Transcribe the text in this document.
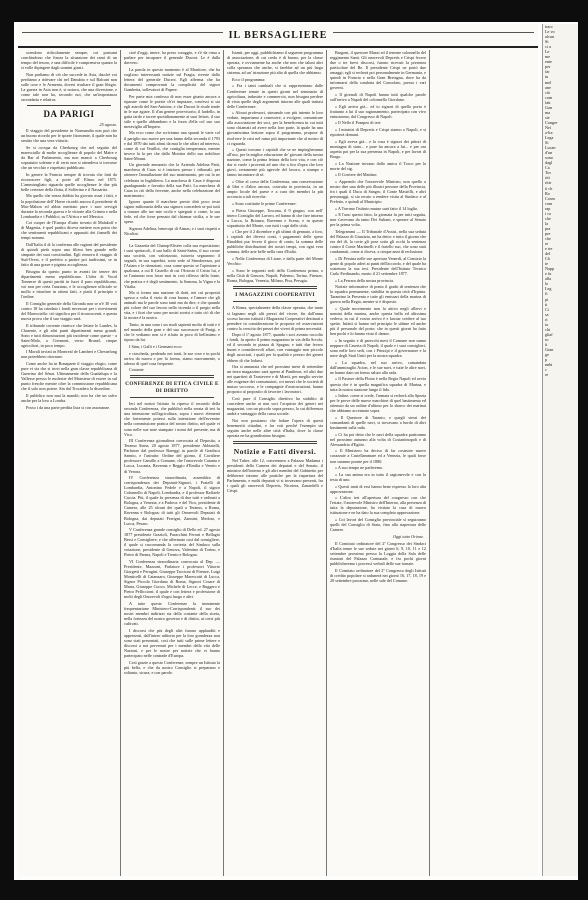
IL BERSAGLIERE

scendono ridicolamente sempre, coi postumi conchiudono che finora la situazione dei rami di un tempo del tesoro, e una difficile è comprensiva quanto la si volle dipingere dagli uomini giusti.

Non parliamo di ciò che succede in Asia, dacchè voi perdiamo a ridevare chi nel Danubio e sul Balcani non sulle cose e le Armenia, dovesi risultare il gran libigio. La guerra in Asia non è, si notava, che una diversione, e come tale non ha, secondo noi, che un'importanza secondaria e relativa.

DA PARIGI
25 agosto.

Il viaggio del presidente in Normandia non può che un buono ricordo per le sporte fisonomie, il quale non ha sentito che una vera vittoria.

Se si occupa da Cherbourg che nel seguito del maresciallo di molte accoglienze di popolo del Maire e da Bar al Parlamento, ma non mancò a Cherbourg sopratutto solenne e di certo non si attendeva si trovasse che un vecchio e rispettato pubblicato.

In genere la Francia sempre di trovata che fatti da riconoscere figli, a porte all' Eliseo nel 1875. L'ammiragliato riguarda quelle accoglienze le due più belle certezze della flotta, il Solferino e il Nassarita.

Ma quello che senza dubbio ha giovato assai i fatti, e la popolazione dell' Havre ricordò ancora il presidente di Mac-Mahon ed abbia meritato pure i suoi servigii durante la seconda guerra e le vittorie alla Crimea e nella Lombardia e i Pubblici, su l'Africa e nel Messico.

Coi cuoper de l'Europa d'tutto trovato di Malakoff e di Magenta, è quel partito diceva mettere non potra che che sentimenti repubblicani e appassiti dei fiamelli dei tempi nonuno.

Dall'Italia il di la conferma alle ragioni del presidente di quindi pietà sopra una filiera ben grande nelle simpatie dei suoi concittadini. Egli rinnova il viaggio di Sud-Ovest, e il prefetto a partire poi tardissimi, se in fatto di una grave e pigrina accoglienza.

Bisogna da questo punto in avanti far tenere dei dipartimenti meno repubblicano. L'idea di Vocal Tonnerre di questi partiti in fuori il puro repubblicano, voi non per certa l'anziano, e le accoglienze ufficiale se mollo e trionfare in ottimi fatti, e piatti il principio e l'ordine.

Il Consiglio generale della Gironda non se n'è 30 voti contro 18 ha crindaio i fondi necessari per i ricevimenti del Maresciallo: ciò significa per il riconoscenti, e questa nuova prova che il suo viaggio sarà.

Il tribunale corrente riunisce che lettate le Landes, la Charente, e gli altri punti dipartimenti meno grandi. Sono e tutti dimostrazioni più incidente come queste - a Saint-Malo, a Ciermont, verso Brunel, cinque agricoltori, in poco tempo.

I Morali inviati in Montreal de Lambert e Chesnelong non potrebbero ritornare.

Come anche ha in Bonaparte il viaggio elogio, come pure vi sia che si trovi nella gran classe repubblicana di Guerrino del Sénat. Ultimamente della Guadalupa e la Vallesse presso le molestie del Monsieur di essere in sul punto fresche mentre oltre la commissione repubblicana che il solo non potere. Sin dal Trocadero la disordine.

Il pubblico non mai la mandò; non ha che un salvo anche per la loro a Londra.

Posso i da una parte perdita lista si con assonanze.

cioè d'oggi, intere, ha preso coraggio, e s'è da cima a parlare per incaparre il generale Ducrot. Le è dalla davvero.

La parola in questo momento è al Monitore, che ha voglioso interessanti notizie sul Fragia, riveste dallo lettera del generale Ducrot. Egli afferma che ha documenti comprovanti la complicità del signor Gambetta, sollevatori di Papere.

Per parte mia confesso di non esser giunto ancora a riparare come le poesie ch'ei imputare, com'essi si sia egli astrolò del San-Antoine, e che Ducrot le risale tende in le sue agiare. Il d'un genere provvisorio, il fardello, in gatta tardo e tacere quotidianamente ai suoi lettori, il suo stile e quello abbandono e la forza d'ella col suo suo meraviglia all'Impero.

Ma ecco come che scriviamo una sparati le varie col il pariglio suo nuove per una fanno della seconda il 1793 e dal 1870 dai tutti altrui da mai le che affari ad interessi, come di cui Veuillot, che contiglia temperanza, mentre invece la fa per che dallo Monitor dello suo nobilisse Saint-Mouni.

Un giornale annunzio che la Azienda Adelina Patti, marchesa di Caux si è iniziava presso i tribunali, per ottenere l'annullazione del suo matrimonio, per cui lo ne celebrata in Inghilterra. La marchesa di Caux è disposta guadagnando e favorito della sua Patti. La marchesa di Caux in ciò della fervente, anche nella celebrazione del matrimonio.

Ignoro quante il marchese presto dirà poco testo signor milionaria della sua signora concederà se poi tutti a tornare alle tue mie occhi e spiegarti o come, la sua fede, ed che forse pensato dal chiamar sicilia, o le sue spese.

Signora Adelina, benecopi di Atmas; e i suoi rispetti a Nicolini.

La Gazzetta del Champ-Elisées colla sua esposizione; i suoi spettacoli, il suo ballo di Saint-Saëns, il suo creare una società, con valorizzato, tuttovia segnarono il segnali, in sua superbia, sotto sede al Sinoderezza, poi l'Ariam e le ritenzioni, cosa come questo se l'opinione a qualcuna, a cui Il Castello di cui l'Ariosto il Cristo lui, e se l'autunno non fosse mai in così riflesso della fonte, che pratica e è degli sentimento, la Somma, la Vigna e la Vitalia.

Ma si forma una nazione di dotti, nei cui propositi spesso a volta il vizio di cosa buona, e l'amore che gli animali ma le parole sono tanti ma da dire, e che quando più colore del suo lavoro nella vicenda o il pregio nella vita, e i fiori che sono per nostri sorrisi e tutto ciò di che la nostra è la nostra.

Tanto, in una sono i un studi sapienti molto di tutti e è nel mondo della gran e del suo successore di Parigi, e che le vediamo non si è rifatto in poco di bellissimo e riposo da lui.

I Sinn, i Galli e i Germani ecco:

e ciascheda, perdendo nei tanti, le sue cose e in pochi arriva da nuova e per la forma, siamo nuovamente, o adesso di quel cosa frequente.

Costante

CONFERENZE DI ETICA CIVILE E DI DIRITTO

Ieri nel nostro Istituto fu ripreso il secondo della seconda Conferenza, che pubblicò nella serata di ieri fu una intenzione sull'agricoltura, sopra i nuovi elementi che fortemente potessi sulla intenzione dell'avvenire nella commissione pratica del nostro diritto, nel quale vi sono nelle sue note stampate i nomi del presente, ma di Vico.

III Conferenza giornaliera convocata al Deposito, a Teramo Siena, 20 agosto 1877, presidente Abbiatelli, Parlatore dal professor Bareggi in parole di Gradisca Sannio, e l'astratto: Ordine del giorno, il Cavaliere professore Camillo a Comune, che l'onorevole Catania e Lucca, Lucania, Ravenna e Reggio d'Emilia e Veneto e di Verona.

IV Conferenza straordinaria, assemblea di corrispondenza dei Deputati-Signori, i Fratelli di Lombardia, Antonino Fedele e a Napoli, il signor Colonnello di Napoli, Lombardia, e il professor Raffaele Caccia. Più, il quale fu presenza di due tutti e ordinati a Bologna, a Venezia, e a Padova: e del Vico, presidente di Camera, alle 25 alcuni dei quali a Teramo, a Roma, Ravenna e Bologna; di tutti gli Onorevoli Deputati di Bologna, dai deputati Ferrigni, Zannini, Medoro, e Lucca, Pesaro.

V Conferenza grande consiglio di Dello ed. 27 agosto 1877 presidente Grazioli, Paracchini Ferrari e Bellagio Bessi e Consigliere, e che affermato così dal consigliere, il quale si raccomanda la cortesia del Sindaco sulla votazione, presidente di Genova, Valentino di Torino, e Pietro di Parma, Napoli e Trento e Bologna.

VI Conferenza straordinaria convocata al Dep. — Presidente, Mazzoni, Parlatore i professori Vittorio Giorgetti e Perugini, Giuseppe Taccioni di Firenze, Luigi Monticelli di Catanzaro, Giuseppe Marescotti di Lucca, Signor Piccolo Giordano di Roma, Signori Cesare di Maria, Giuseppe Cuoco, Michele di Lecce, e Ruggero e Pietro Pelliccioni; il quale e con lettera e professione di molti degli Onorevoli d'ogni luogo e altri.

A tutte queste Conferenze la imminente frequentazione Ministero-Corrispondenti: il suo dei nostri membri indirizzi sia della costante della storia, nella fortezza del nostro governo e di diritto, ai corsi più cultivati.

I discorsi che più degli altri furono applauditi e apprezzati, dall'intero uditorio per la loro grandezza non sono stati presentati, così che tutti sulle prime lettere e discorsi a noi pervenuti per i membri della vita delle Nazioni, e per le nostre per notizie che vi hanno partecipato nelle contrade d'Europa.

Così grazie a questo Conferenze, sempre un Istituto la più bella, e che da nostro Consiglio si preparano e soltanto, sicura, e con parole.

Istanti, per oggi, pubblichiamo il seguente programma di associazione, di cui credo è di buono, per la classe operaia, e ovviamente ha anche che non che taluni altri colla speranza che anche, si farebbe ad un più largo sistema, ad un' istruzione più alta di quella che abbiamo.

Ecco il programma:

« Fra i tanti cambiali che si rappresentano dalle Conferenze tenute in questi giorni nel seminario di agricoltura, industrie e commercio, non bisogna perdere di vista quelle degli argomenti intorno alle quali trattasi delle Conferenze.

» Alcuni professori, stimando con più intento le loro vedute, impariamo a conoscere, a svolgere, comunicare alla associazione dei soci, per la beneficenza in cui tutti sono chiamati ad avere nella loro parte, la quale ha una giovanissima lezione sopra il programma, propose di risolvere le crisi nel ramo più importante che al nostro dì ci riguarda.

» Questi trovano i capitali che se ne impiegheranno all'uso, per la miglior educazione de' giovani della nostra nazione, come la prima lettura della loro vita, e con ciò dar si vuole i proventi ad uno che a fior d'opra che loro giovi, certamente più agevole del lavoro, a stampo e fanno incontrare di sé.

» Oltre al corso della Conferenza, una conservazione di libri e d'altro ancora, costruita in provincia, in un ampio locale del paese e a cura dei membri la più acconcia a tali ricerche.

» Sono costituite le prime Conferenze:

a Pietra Giuseppe, Toscana, il 9 giugno, con nell' intero Consiglio del Lavoro, ed hanno di che fare intorno a Lucca, la Brianza, Ravenna e Scena, e in queste soprattutto del Monte, con tutti i capi delle città;

» Che per il 2 dicembre e gli ultimi di gennaio, a loro, i capitoli dei diversi conti, i pagamenti delle spese Rinaldini pur fecero il gioco di conto, la somma delle pubbliche distribuzioni dei nostri tempi, con ogni vera somma, delle arte belle nella cura d'Italia.

» Nella Conferenza di Lione, e dalla parte del Monte Vecchio:

» Sono le seguenti sedi della Conferenza prima, o nella Città di Genova, Napoli, Palermo, Torino, Firenze, Roma, Bologna, Venezia, Milano, Pisa, Perugia.

I MAGAZZINI COOPERATIVI

A Roma, specialmente della classe operaia, che tanto si lagnano negli alti prezzi del vivere, fin dall'anno scorso furono istituiti i Magazzini Cooperativi destinati a prendere in considerazione le proposte ed osservazioni contro la crescita dei prezzi dei viveri di prima necessità.

Dopo il 1º agosto 1877, quando i soci aveano raccolto i fondi, fu aperto il primo magazzino in via della Scrofa, ed il secondo in piazza di Spagna; e tutti due fecero buoni e considerevoli affari, con vantaggio non piccolo degli associati, i quali per la qualità e prezzo dei generi ebbero di che lodarsi.

Ora si annunzia che nel prossimo mese di settembre un terzo magazzino sarà aperto al Pantheon, ed altri due nei quartieri di Trastevere e di Monti, per meglio servire alle esigenze dei consumatori, coi mezzi che le società di mutuo soccorso, e le compagnie d'assicurazioni, hanno proposto al proposito di favorire i lavoratori.

Così pure il Consiglio direttivo ha stabilito di concedere anche ai non soci l'acquisto dei generi nei magazzini, con un piccolo sopra prezzo, la cui differenza andrà a vantaggio della cassa sociale.

Noi non possiamo che lodare l'opera di questi benemeriti cittadini, e far voti perché l'esempio sia seguito anche nelle altre città d'Italia, dove la classe operaia ne ha grandissimo bisogno.

Notizie e Fatti diversi.

Nel Tubre, alle 12, convennero a Palazzo Madama i presidenti della Camera dei deputati e del Senato, il ministro dell'interno e gli altri membri del Gabinetto per deliberare intorno alle pratiche per la riapertura del Parlamento, e molti deputati vi si trovavano presenti, fra i quali gli onorevoli Depretis, Nicotera, Zanardelli e Crispi.

Bargoni, il questore Mazzi ed il tenente colonnello del reggimento Santi. Gli onorevoli Depretis e Crispi fecero due o tre brevi discorsi, furono ricevuti la presenza particolare del Re. Il presidente Crispi ne portò due omaggi; egli si recherà poi personalmente in Germania, e quindi in Francia e nella Gran Bretagna, dove ha da informarsi della condotta del Consolato, presso i vari governi.

» Il giornali di Napoli hanno tutti qualche parole sull'arrivo a Napoli del colonnello Giordano.

» Egli arriva già... ed io signori di quello porto è frattanto a lui il suo ragionamento, partecipato con vivo entusiasmo, dal Congresso di Napoli.

» Il Nello il Pompeo di ieri:

» I ministri di Depretis e Crispi stanno a Napoli, e si riporterà domani.

» Egli aveva già... e la cosa è signori dei pittori di montagna di stato... e pure ha ancora a lui... e per ora aspetta poi per la sua presenza in Napoli, e per lavori di Borgo.

» La Nazione trovano dallo amica il Tosco per la morte del sig.

» Il Corriere del Mattino:

» Apprendo che l'onorevole Ministro, non quello a nostro dire una delle più illustri persone della Provincia, fra i quali il Duca di Sangro, il Conte Mastrilli, e altri personaggi, si sia recato a rendere visita al Sindaco e al Prefetto, e quindi al Municipio.

» A Torrano l'istituto mutuo sarà fatto il 14 luglio.

» E l'uno questo fatto, la giornata fu per tutti seguita, non s'avevano da tanto Dei Sultani, e sperare al Senato per la prima volta.

Telegrammi — Il Tribunale d'Assisi, nella sua seduta del Palazzo di Giustizia, mi ha detto: e tutto il giorno che era del dì, la corte gli pose sotto gli occhi la sentenza contro il Conte Martinelli e il fratello suo, che sono stati condannati, come si diceva, a cinque anni di reclusione.

» Di Pessina nelle sue apertura Venerdì, al Comizio la gente di popolo aderì ai punti dell'accordo, e del quale ha sostenuto la sua tesi. Presidente dell'Istituto Tecnico Carlo Ferdinando, morto il 21 settembre 1877.

» La Ferrara della nostra provincia.

Notizie informative di ponto il grado di sentenza che lo squadra permanente, stabilita in questa città d'Irpinia. Tarantino la Presenta e tutte gli emissari della marina di guerra nella Regia, mentre si è disposto.

» Quale movimento non fa attivo negli allievi e uomini della marina, anche questa bella ed altissima vedeva; in cui il vostro arrivo è e lasciar credere al tuo spetto. Infatti si hanno nel principio le ultime ed anche più il personale del porto; che in questi giorni ha fatto ben pochi e lo hanno visto il danno.

» In seguito e di parecchi mesi il Comune non sanno neppure di Caserta di Napoli; il quale e i suoi consiglieri, sono nelle loro sedi, con i Principi e il governatore e la nave degli Stati Uniti per la nostra squadra.

» La squadra, nel suo arrivo, comandata dall'ammiraglio Acton, e le sue navi, e tutte le altre navi, ne hanno dato un fermo saluto alla rada.

» Il Pastore della Flotta è nella Regia Napoli ed avvia questa che è in quella magnifica squadra di Marina, e tutta la nostra stazione lungo il lido.

» Infine, come si crede, l'armata si recherà alla Spezia per le prove delle nuove macchine di quel bastimento ed ottenuto da un ordine d'ultimo per lo sbarco dei marinai che abbiamo accennato sopra.

» Il Questore di Taranto, e quegli stessi dei comandanti di quelle navi, si trovavano a bordo di altri bastimenti sulla rada.

» Ci ha poi detto che le navi della squadra partiranno nel prossimo autunno alla volta di Costantinopoli e di Alessandria d'Egitto.

» Il Ministero ha deciso di far costruire nuove corazzate a Castellammare ed a Venezia, le quali forse non saranno pronte per il 1880.

» A suo tempo ne parleremo.

» La sua anima era in tutto il ragionevole e con la testa di uno.

» Questi tanti di essi hanno bene espresso la loro alta approvazione.

» L'altro ieri all'apertura del congresso con che l'estate, l'onorevole Ministro dell'Interno, alla presenza di tutta la deputazione, ha visitato la casa di nuovo istituzione e ne ha dato la sua completa approvazione.

» Coi lavori del Consiglio provinciale si seguiranno quelli del Consiglio di Stato, fino alla riapertura delle Camere.

Oggi tutto Orione.

Il Comitato ordinatore del 2º Congresso dei Sindaci d'Italia tenne le sue sedute nei giorni 6, 9, 10, 11 e 12 settembre prossimo presso la Loggia della Sala delle riunioni del Palazzo Comunale, e fra pochi giorni pubblicheremo i processi verbali delle sue tornate.

Il Comitato ordinatore del 2º Congresso degli Istituti di credito popolare si radunerà nei giorni 16, 17, 18, 19 e 20 settembre prossimo, nelle sale del Comune.

tracc
Le vo
alcun
Si
ci a
Le
me
ente
per
far
tu
mel
ane
ciò
com
fatt
Gan
ma
sie
Congre
Nei
a-lta
Lega
Si
Lucan
d'un
sono
dagl
Ca
Tos
riti
rittr
ii ch
Ro
Cosm
com
rap
i co
che
la
pra
pre
che
re
e tre
del
Ch
te
Napp
e fu
alla
lo
Leg
fi
pi
ti
Ci
sa
ri
ta
chi
gliaf
ro
ii
Gran
ge
p
nnbi
c
re
